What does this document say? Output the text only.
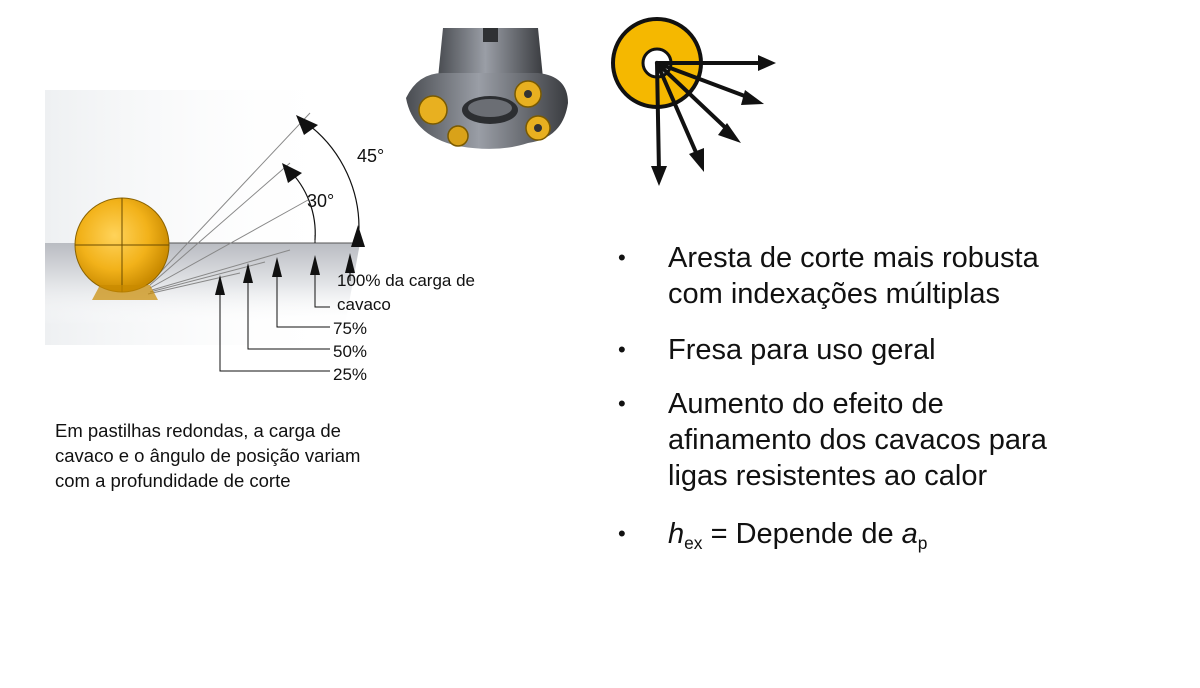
45°
30°
100% da carga de
cavaco
75%
50%
25%
Em pastilhas redondas, a carga de
cavaco e o ângulo de posição variam
com a profundidade de corte
• Aresta de corte mais robusta com indexações múltiplas
• Fresa para uso geral
• Aumento do efeito de afinamento dos cavacos para ligas resistentes ao calor
• $h_{ex}$ = Depende de $a_p$
